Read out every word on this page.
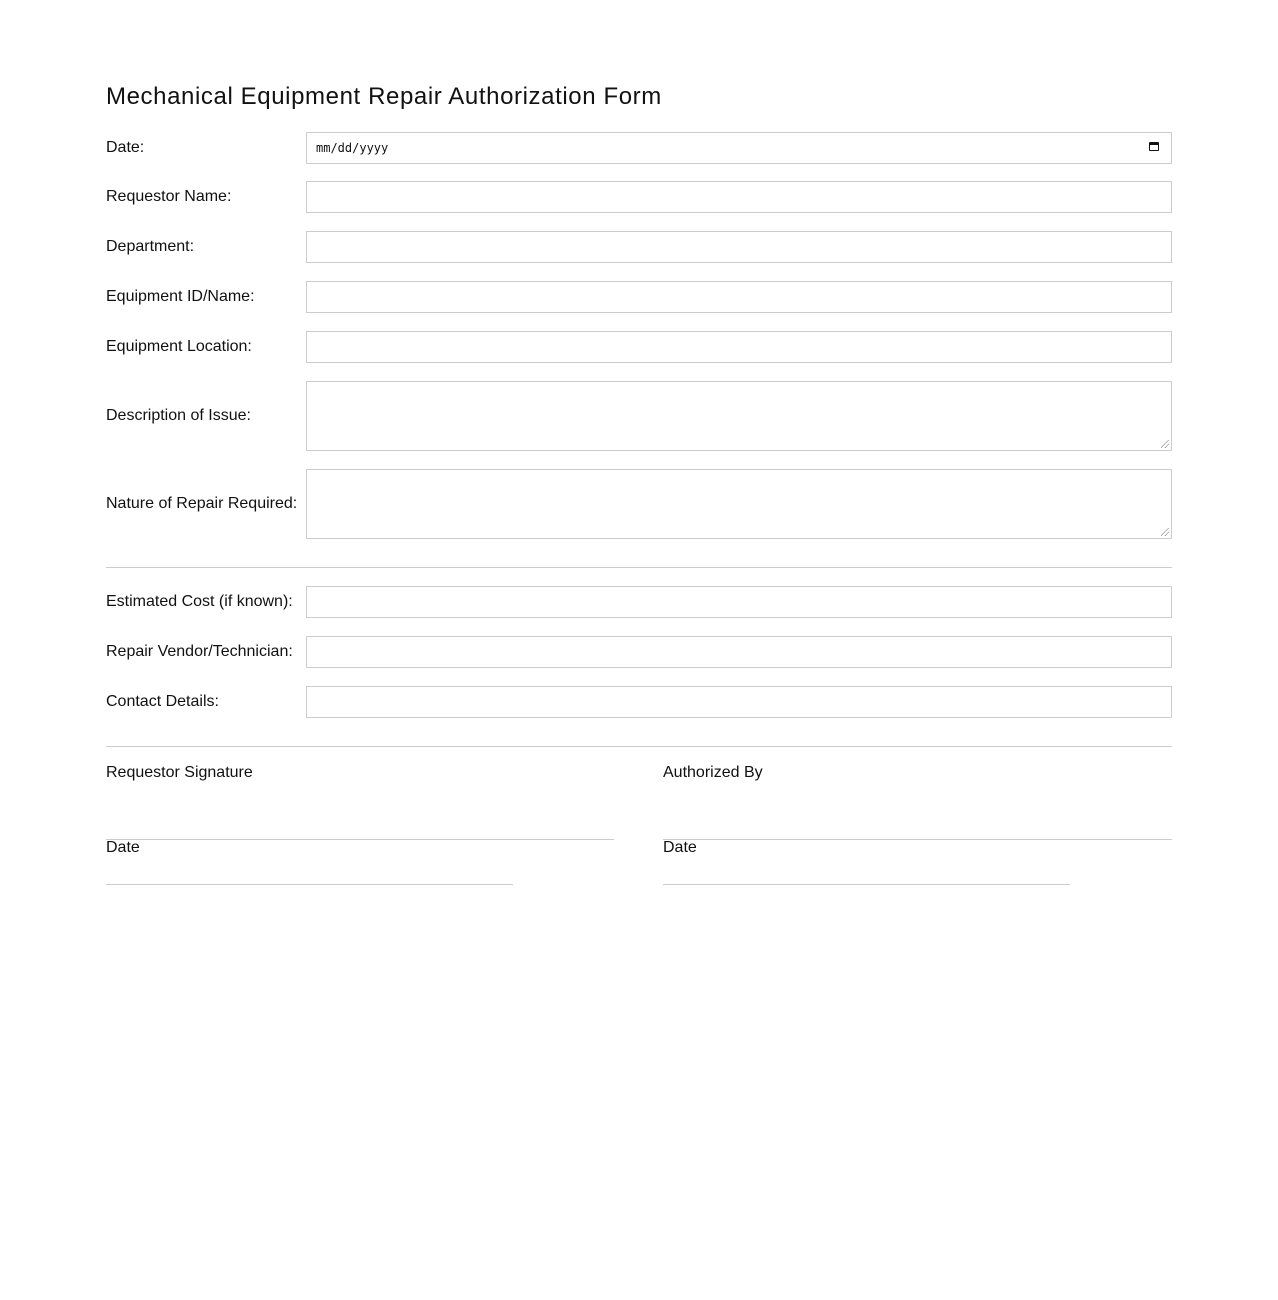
Mechanical Equipment Repair Authorization Form
Date:	mm/dd/yyyy
Requestor Name:
Department:
Equipment ID/Name:
Equipment Location:
Description of Issue:
Nature of Repair Required:
Estimated Cost (if known):
Repair Vendor/Technician:
Contact Details:
Requestor Signature
Date
Authorized By
Date
